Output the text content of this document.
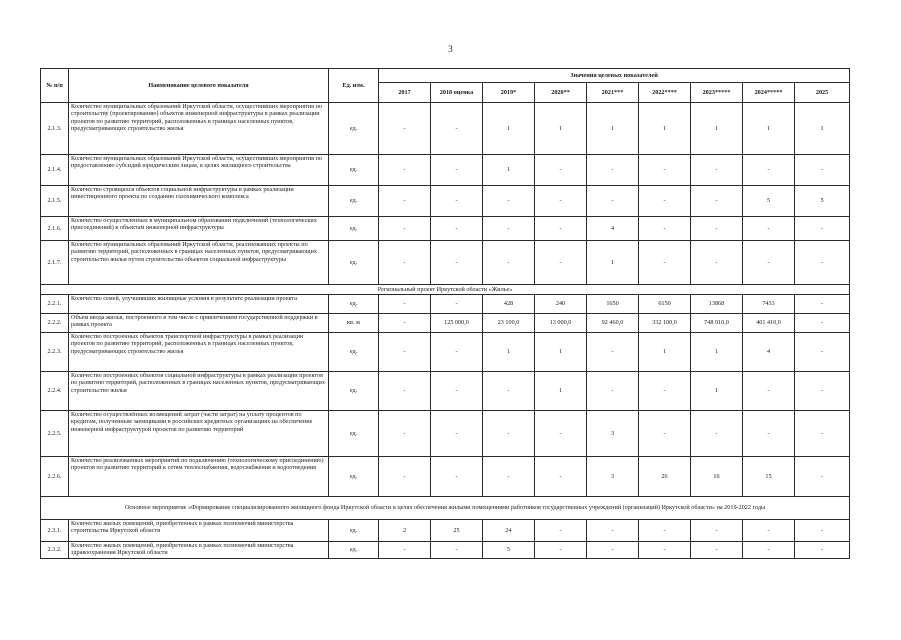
3
№ п/п	Наименование целевого показателя	Ед. изм.	Значения целевых показателей								
			2017	2018 оценка	2019*	2020**	2021***	2022****	2023*****	2024*****	2025
2.1.3.	Количество муниципальных образований Иркутской области, осуществивших мероприятия по строительству (проектированию) объектов инженерной инфраструктуры в рамках реализации проектов по развитию территорий, расположенных в границах населенных пунктов, предусматривающих строительство жилья	ед.	-	-	1	1	1	1	1	1	1
2.1.4.	Количество муниципальных образований Иркутской области, осуществивших мероприятия по предоставлению субсидий юридическим лицам, в целях жилищного строительства	ед.	-	-	1	-	-	-	-	-	-
2.1.5.	Количество строящихся объектов социальной инфраструктуры в рамках реализации инвестиционного проекта по созданию газохимического комплекса	ед.	-	-	-	-	-	-	-	5	5
2.1.6.	Количество осуществленных в муниципальном образовании подключений (технологических присоединений) к объектам инженерной инфраструктуры	ед.	-	-	-	-	4	-	-	-	-
2.1.7.	Количество муниципальных образований Иркутской области, реализовавших проекты по развитию территорий, расположенных в границах населенных пунктов, предусматривающих строительство жилья путем строительства объектов социальной инфраструктуры	ед.	-	-	-	-	1	-	-	-	-
Региональный проект Иркутской области «Жилье»											
2.2.1.	Количество семей, улучшивших жилищные условия в результате реализации проекта	ед.	-	-	428	240	1650	6150	13868	7433	-
2.2.2.	Объем ввода жилья, построенного в том числе с привлечением государственной поддержки в рамках проекта	кв. м	-	125 000,0	23 100,0	13 000,0	92 460,0	332 100,0	748 910,0	401 410,0	-
2.2.3.	Количество построенных объектов транспортной инфраструктуры в рамках реализации проектов по развитию территорий, расположенных в границах населенных пунктов, предусматривающих строительство жилья	ед.	-	-	1	1	-	1	1	4	-
2.2.4.	Количество построенных объектов социальной инфраструктуры в рамках реализации проектов по развитию территорий, расположенных в границах населенных пунктов, предусматривающих строительство жилья	ед.	-	-	-	1	-	-	1	-	-
2.2.5.	Количество осуществлённых возмещений затрат (части затрат) на уплату процентов по кредитам, полученным заемщиками в российских кредитных организациях на обеспечение инженерной инфраструктурой проектов по развитию территорий	ед.	-	-	-	-	3	-	-	-	-
2.2.6.	Количество реализованных мероприятий по подключению (технологическому присоединению) проектов по развитию территорий к сетям теплоснабжения, водоснабжения и водоотведения	ед.	-	-	-	-	3	26	16	15	-
Основное мероприятие «Формирование специализированного жилищного фонда Иркутской области в целях обеспечения жилыми помещениями работников государственных учреждений (организаций) Иркутской области» на 2019-2022 годы											
2.3.1.	Количество жилых помещений, приобретенных в рамках полномочий министерства строительства Иркутской области	ед.	2	25	24	-	-	-	-	-	-
2.3.2.	Количество жилых помещений, приобретенных в рамках полномочий министерства здравоохранения Иркутской области	ед.	-	-	5	-	-	-	-	-	-
